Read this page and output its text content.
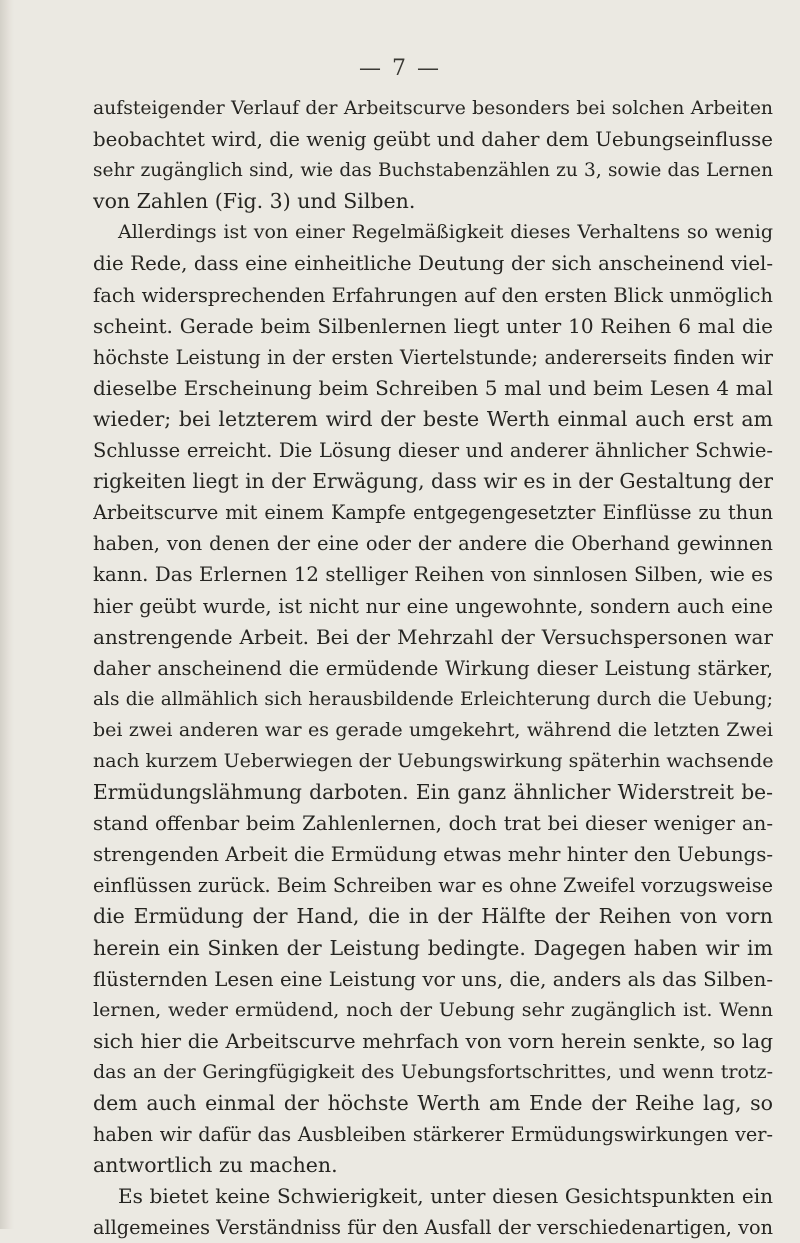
— 7 —

aufsteigender Verlauf der Arbeitscurve besonders bei solchen Arbeiten
beobachtet wird, die wenig geübt und daher dem Uebungseinflusse
sehr zugänglich sind, wie das Buchstabenzählen zu 3, sowie das Lernen
von Zahlen (Fig. 3) und Silben.

Allerdings ist von einer Regelmäßigkeit dieses Verhaltens so wenig
die Rede, dass eine einheitliche Deutung der sich anscheinend viel-
fach widersprechenden Erfahrungen auf den ersten Blick unmöglich
scheint. Gerade beim Silbenlernen liegt unter 10 Reihen 6 mal die
höchste Leistung in der ersten Viertelstunde; andererseits finden wir
dieselbe Erscheinung beim Schreiben 5 mal und beim Lesen 4 mal
wieder; bei letzterem wird der beste Werth einmal auch erst am
Schlusse erreicht. Die Lösung dieser und anderer ähnlicher Schwie-
rigkeiten liegt in der Erwägung, dass wir es in der Gestaltung der
Arbeitscurve mit einem Kampfe entgegengesetzter Einflüsse zu thun
haben, von denen der eine oder der andere die Oberhand gewinnen
kann. Das Erlernen 12 stelliger Reihen von sinnlosen Silben, wie es
hier geübt wurde, ist nicht nur eine ungewohnte, sondern auch eine
anstrengende Arbeit. Bei der Mehrzahl der Versuchspersonen war
daher anscheinend die ermüdende Wirkung dieser Leistung stärker,
als die allmählich sich herausbildende Erleichterung durch die Uebung;
bei zwei anderen war es gerade umgekehrt, während die letzten Zwei
nach kurzem Ueberwiegen der Uebungswirkung späterhin wachsende
Ermüdungslähmung darboten. Ein ganz ähnlicher Widerstreit be-
stand offenbar beim Zahlenlernen, doch trat bei dieser weniger an-
strengenden Arbeit die Ermüdung etwas mehr hinter den Uebungs-
einflüssen zurück. Beim Schreiben war es ohne Zweifel vorzugsweise
die Ermüdung der Hand, die in der Hälfte der Reihen von vorn
herein ein Sinken der Leistung bedingte. Dagegen haben wir im
flüsternden Lesen eine Leistung vor uns, die, anders als das Silben-
lernen, weder ermüdend, noch der Uebung sehr zugänglich ist. Wenn
sich hier die Arbeitscurve mehrfach von vorn herein senkte, so lag
das an der Geringfügigkeit des Uebungsfortschrittes, und wenn trotz-
dem auch einmal der höchste Werth am Ende der Reihe lag, so
haben wir dafür das Ausbleiben stärkerer Ermüdungswirkungen ver-
antwortlich zu machen.

Es bietet keine Schwierigkeit, unter diesen Gesichtspunkten ein
allgemeines Verständniss für den Ausfall der verschiedenartigen, von
